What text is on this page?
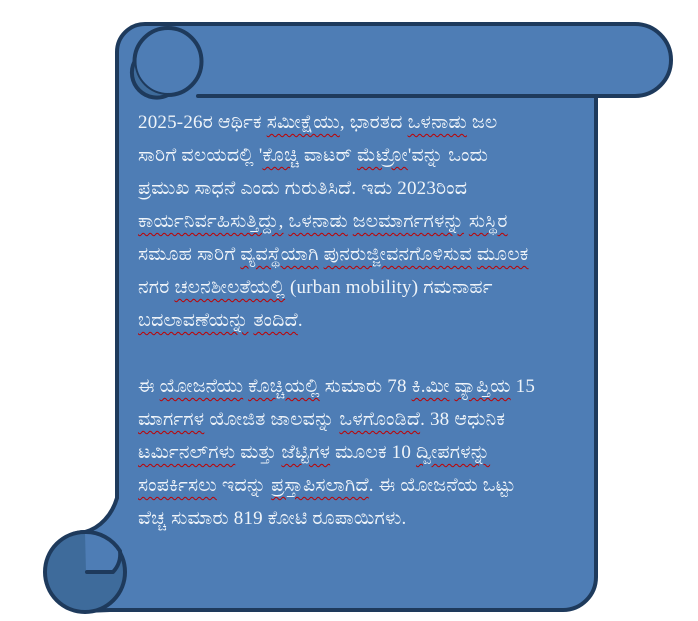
2025-26ರ ಆರ್ಥಿಕ ಸಮೀಕ್ಷೆಯು, ಭಾರತದ ಒಳನಾಡು ಜಲ
ಸಾರಿಗೆ ವಲಯದಲ್ಲಿ 'ಕೊಚ್ಚಿ ವಾಟರ್ ಮೆಟ್ರೋ'ವನ್ನು ಒಂದು
ಪ್ರಮುಖ ಸಾಧನೆ ಎಂದು ಗುರುತಿಸಿದೆ. ಇದು 2023ರಿಂದ
ಕಾರ್ಯನಿರ್ವಹಿಸುತ್ತಿದ್ದು, ಒಳನಾಡು ಜಲಮಾರ್ಗಗಳನ್ನು ಸುಸ್ಥಿರ
ಸಮೂಹ ಸಾರಿಗೆ ವ್ಯವಸ್ಥೆಯಾಗಿ ಪುನರುಜ್ಜೀವನಗೊಳಿಸುವ ಮೂಲಕ
ನಗರ ಚಲನಶೀಲತೆಯಲ್ಲಿ (urban mobility) ಗಮನಾರ್ಹ
ಬದಲಾವಣೆಯನ್ನು ತಂದಿದೆ.
ಈ ಯೋಜನೆಯು ಕೊಚ್ಚಿಯಲ್ಲಿ ಸುಮಾರು 78 ಕಿ.ಮೀ ವ್ಯಾಪ್ತಿಯ 15
ಮಾರ್ಗಗಳ ಯೋಜಿತ ಜಾಲವನ್ನು ಒಳಗೊಂಡಿದೆ. 38 ಆಧುನಿಕ
ಟರ್ಮಿನಲ್‌ಗಳು ಮತ್ತು ಜೆಟ್ಟಿಗಳ ಮೂಲಕ 10 ದ್ವೀಪಗಳನ್ನು
ಸಂಪರ್ಕಿಸಲು ಇದನ್ನು ಪ್ರಸ್ತಾಪಿಸಲಾಗಿದೆ. ಈ ಯೋಜನೆಯ ಒಟ್ಟು
ವೆಚ್ಚ ಸುಮಾರು 819 ಕೋಟಿ ರೂಪಾಯಿಗಳು.
